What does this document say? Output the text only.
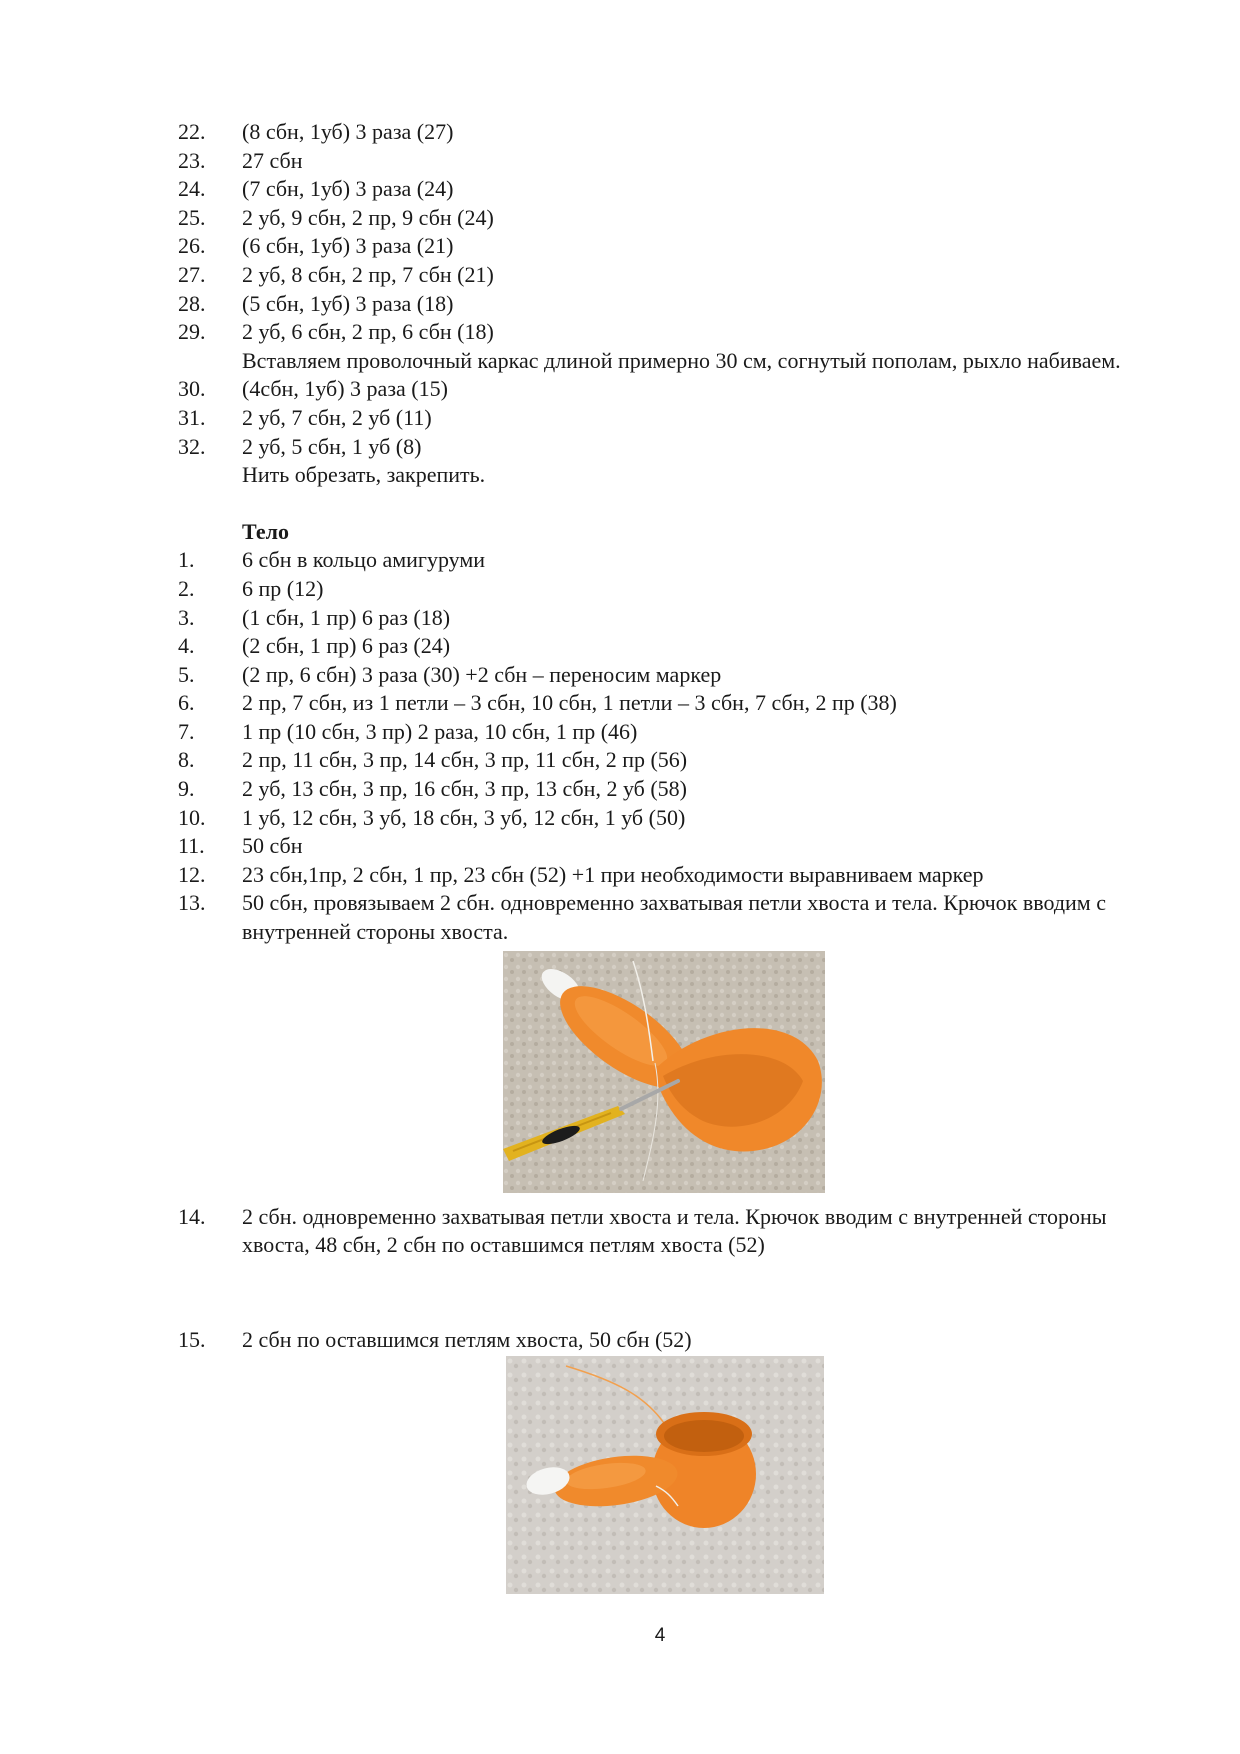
22.	(8 сбн, 1уб) 3 раза (27)
23.	27 сбн
24.	(7 сбн, 1уб) 3 раза (24)
25.	2 уб, 9 сбн, 2 пр, 9 сбн (24)
26.	(6 сбн, 1уб) 3 раза (21)
27.	2 уб, 8 сбн, 2 пр, 7 сбн (21)
28.	(5 сбн, 1уб) 3 раза (18)
29.	2 уб, 6 сбн, 2 пр, 6 сбн (18)
Вставляем проволочный каркас длиной примерно 30 см, согнутый пополам, рыхло набиваем.
30.	(4сбн, 1уб) 3 раза (15)
31.	2 уб, 7 сбн, 2 уб (11)
32.	2 уб, 5 сбн, 1 уб (8)
Нить обрезать, закрепить.
Тело
1.	6 сбн в кольцо амигуруми
2.	6 пр (12)
3.	(1 сбн, 1 пр) 6 раз (18)
4.	(2 сбн, 1 пр) 6 раз (24)
5.	(2 пр, 6 сбн) 3 раза (30) +2 сбн – переносим маркер
6.	2 пр, 7 сбн, из 1 петли – 3 сбн, 10 сбн, 1 петли – 3 сбн, 7 сбн, 2 пр (38)
7.	1 пр (10 сбн, 3 пр) 2 раза, 10 сбн, 1 пр (46)
8.	2 пр, 11 сбн, 3 пр, 14 сбн, 3 пр, 11 сбн, 2 пр (56)
9.	2 уб, 13 сбн, 3 пр, 16 сбн, 3 пр, 13 сбн, 2 уб (58)
10.	1 уб, 12 сбн, 3 уб, 18 сбн, 3 уб, 12 сбн, 1 уб (50)
11.	50 сбн
12.	23 сбн,1пр, 2 сбн, 1 пр, 23 сбн (52) +1 при необходимости выравниваем маркер
13.	50 сбн, провязываем 2 сбн. одновременно захватывая петли хвоста и тела. Крючок вводим с внутренней стороны хвоста.
14.	2 сбн. одновременно захватывая петли хвоста и тела. Крючок вводим с внутренней стороны хвоста, 48 сбн, 2 сбн по оставшимся петлям хвоста (52)
15.	2 сбн по оставшимся петлям хвоста, 50 сбн (52)
4
